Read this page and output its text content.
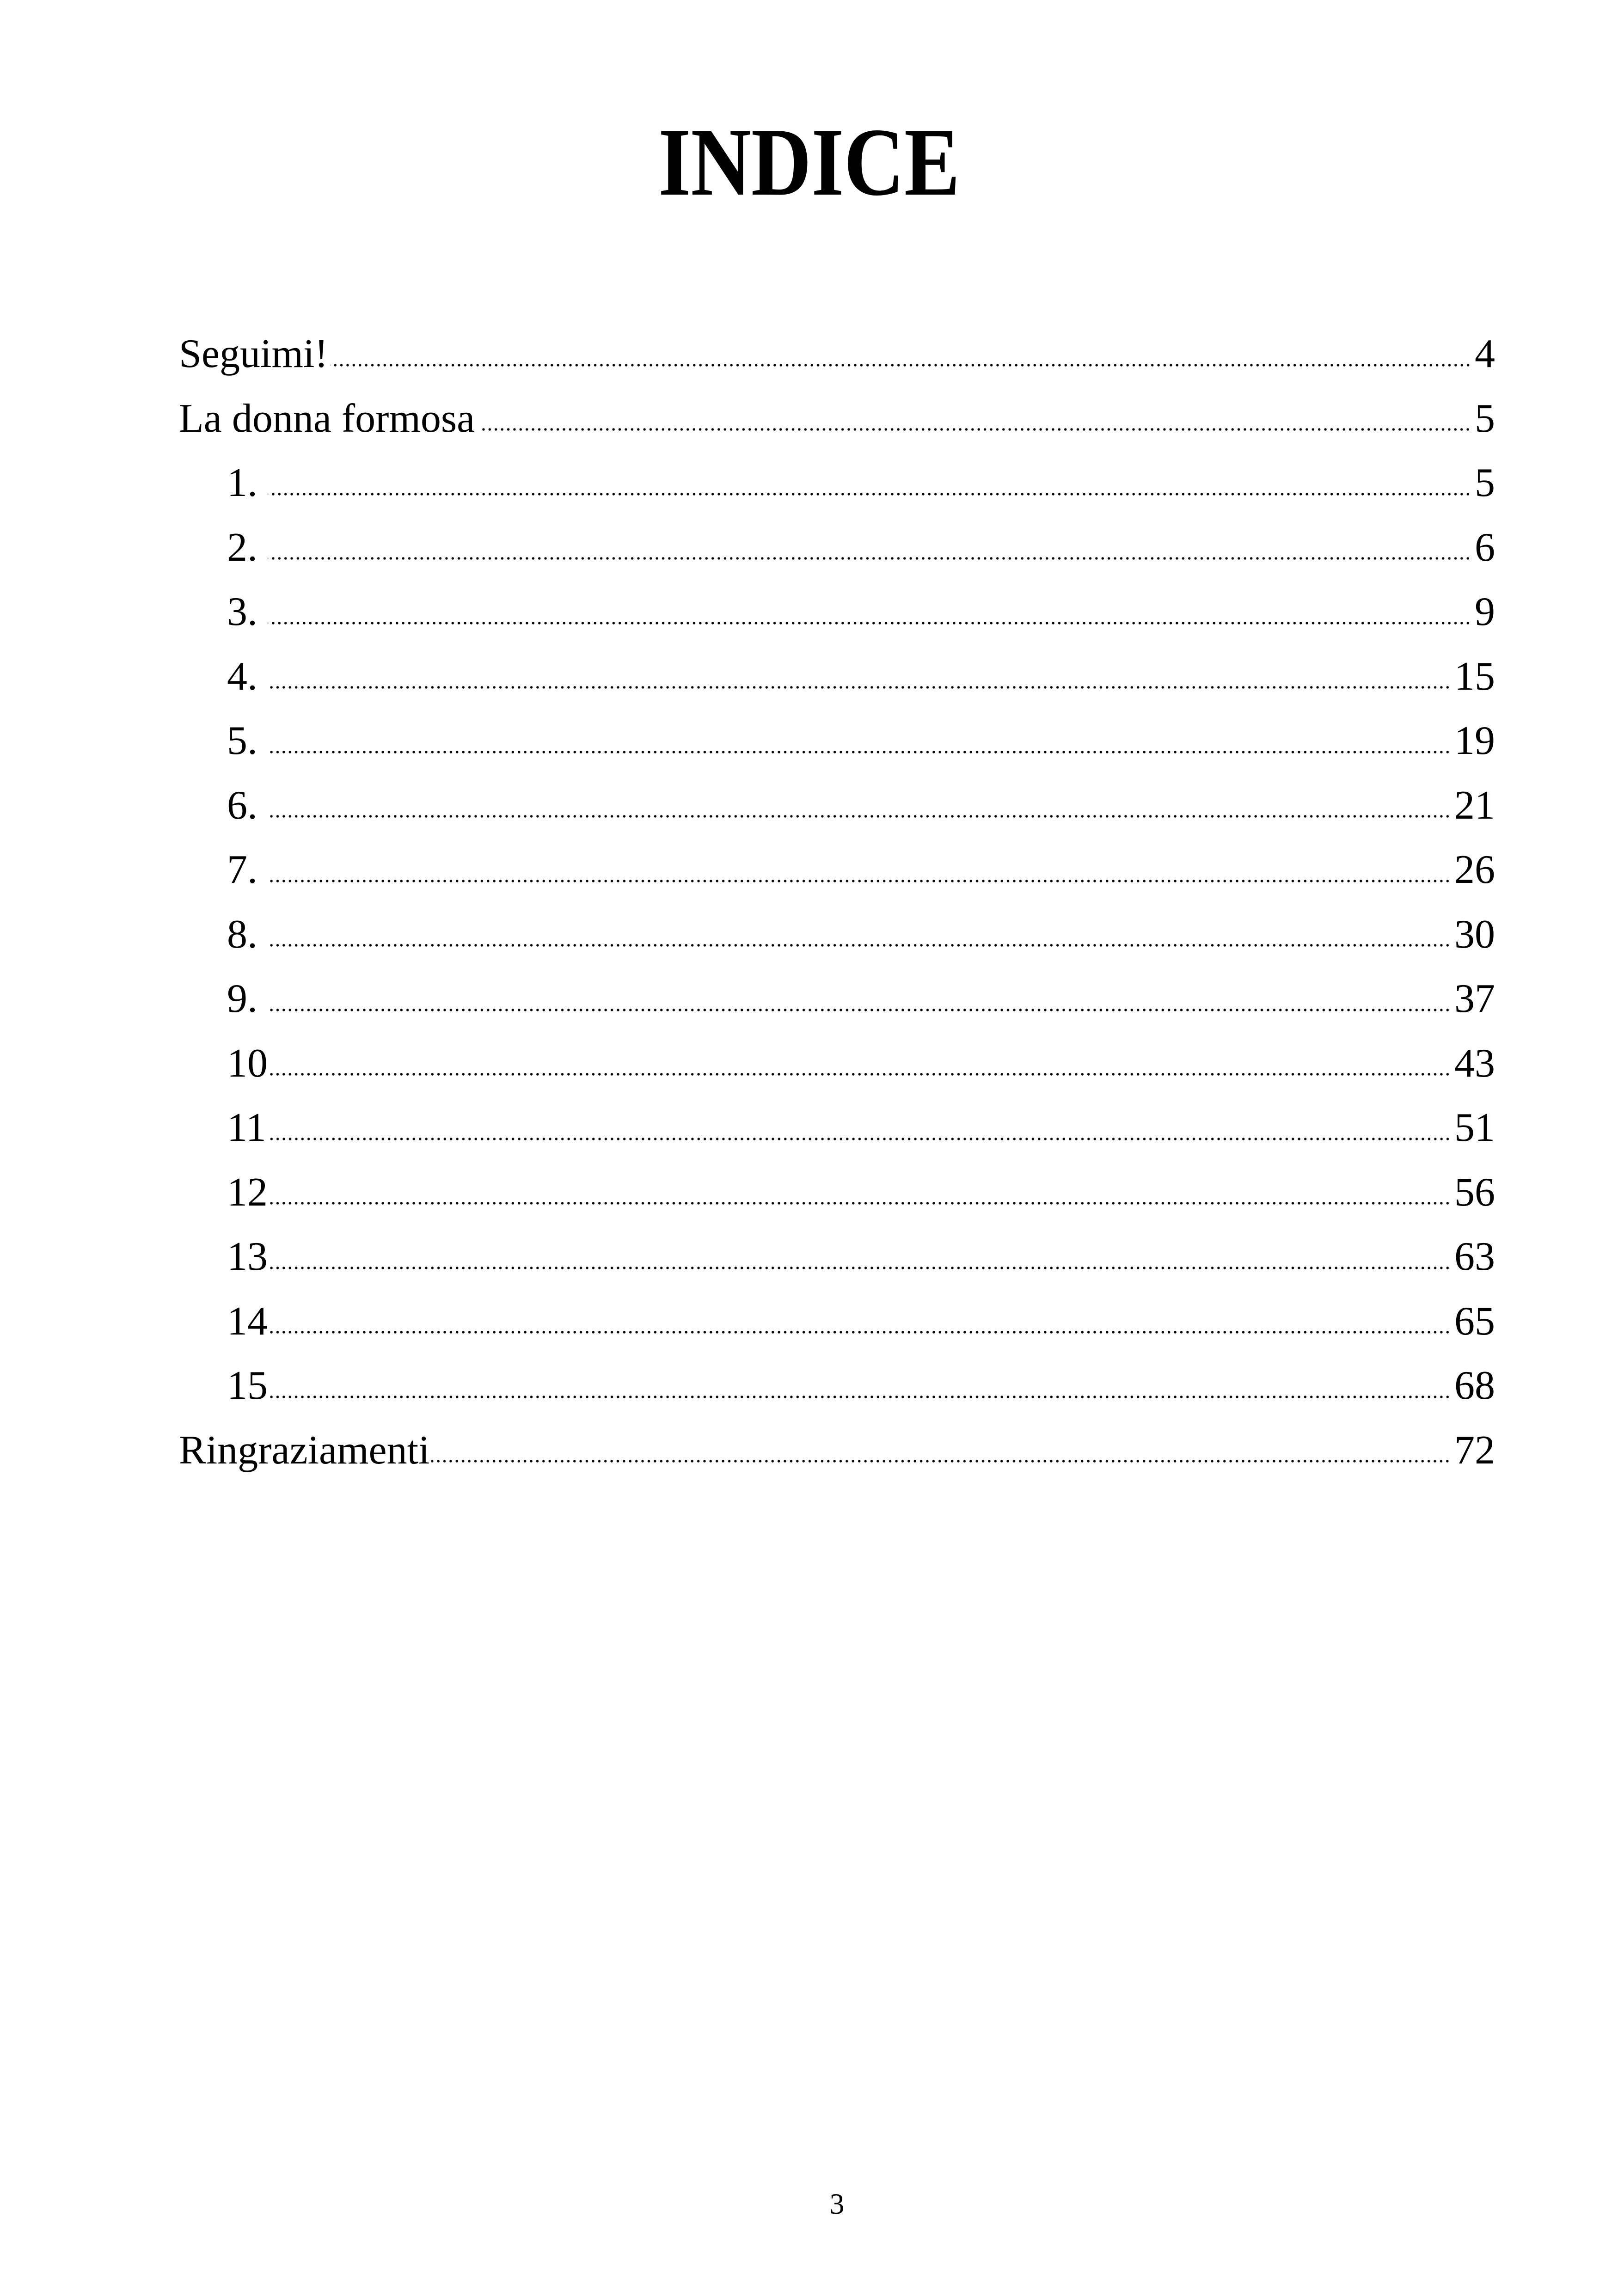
INDICE
Seguimi!	4
La donna formosa	5
1.	5
2.	6
3.	9
4.	15
5.	19
6.	21
7.	26
8.	30
9.	37
10	43
11	51
12	56
13	63
14	65
15	68
Ringraziamenti	72
3
